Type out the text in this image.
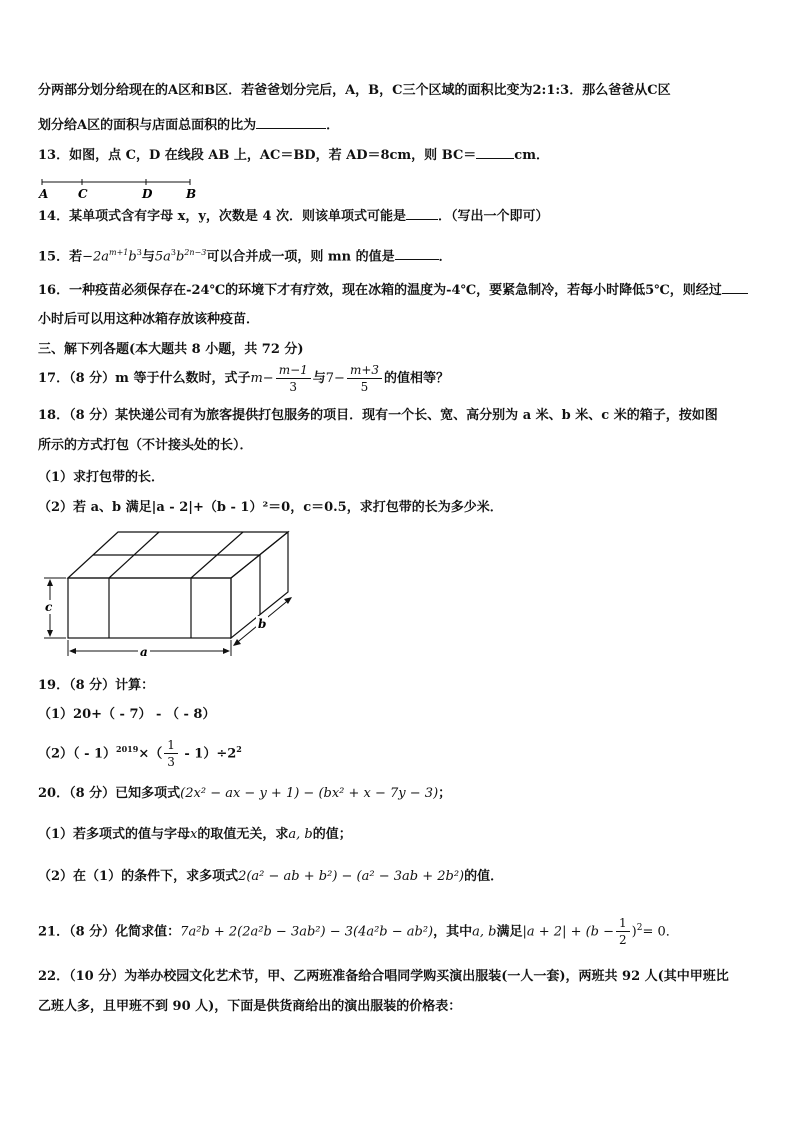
分两部分划分给现在的A区和B区．若爸爸划分完后，A，B，C三个区域的面积比变为2:1:3．那么爸爸从C区
划分给A区的面积与店面总面积的比为	．
13．如图，点 C，D 在线段 AB 上，AC＝BD，若 AD＝8cm，则 BC＝	cm．
A C	D	B
14．某单项式含有字母 x，y，次数是 4 次．则该单项式可能是 ．（写出一个即可）
15．若$-2a^{m+1}b^3$与$5a^3b^{2n-3}$可以合并成一项，则 mn 的值是	．
16．一种疫苗必须保存在-24℃的环境下才有疗效，现在冰箱的温度为-4℃，要紧急制冷，若每小时降低5℃，则经过
小时后可以用这种冰箱存放该种疫苗．
三、解下列各题(本大题共 8 小题，共 72 分)
17．（8 分）m 等于什么数时，式子$m- \frac{m-1}{3}$ 与$7- \frac{m+3}{5}$ 的值相等？
18．（8 分）某快递公司有为旅客提供打包服务的项目．现有一个长、宽、高分别为 a 米、b 米、c 米的箱子，按如图
所示的方式打包（不计接头处的长）．
（1）求打包带的长．
（2）若 a、b 满足|a - 2|+（b - 1）²＝0，c＝0.5，求打包带的长为多少米．
c
a
b
19．（8 分）计算：
（1）20+（ - 7） - （ - 8）
$(2)( - 1)^{2019}\times( \frac{1}{3} - 1)\div 2^2$
20．（8 分）已知多项式(2x² − ax − y + 1) − (bx² + x − 7y − 3)；
（1）若多项式的值与字母x的取值无关，求a, b的值；
（2）在（1）的条件下，求多项式2(a² − ab + b²) − (a² − 3ab + 2b²)的值．
21．（8 分）化简求值：7a²b + 2(2a²b − 3ab²) − 3(4a²b − ab²)，其中a, b满足$|a + 2| + (b - \frac{1}{2} )^2= 0$．
22．（10 分）为举办校园文化艺术节，甲、乙两班准备给合唱同学购买演出服装(一人一套)，两班共 92 人(其中甲班比
乙班人多，且甲班不到 90 人)，下面是供货商给出的演出服装的价格表：
